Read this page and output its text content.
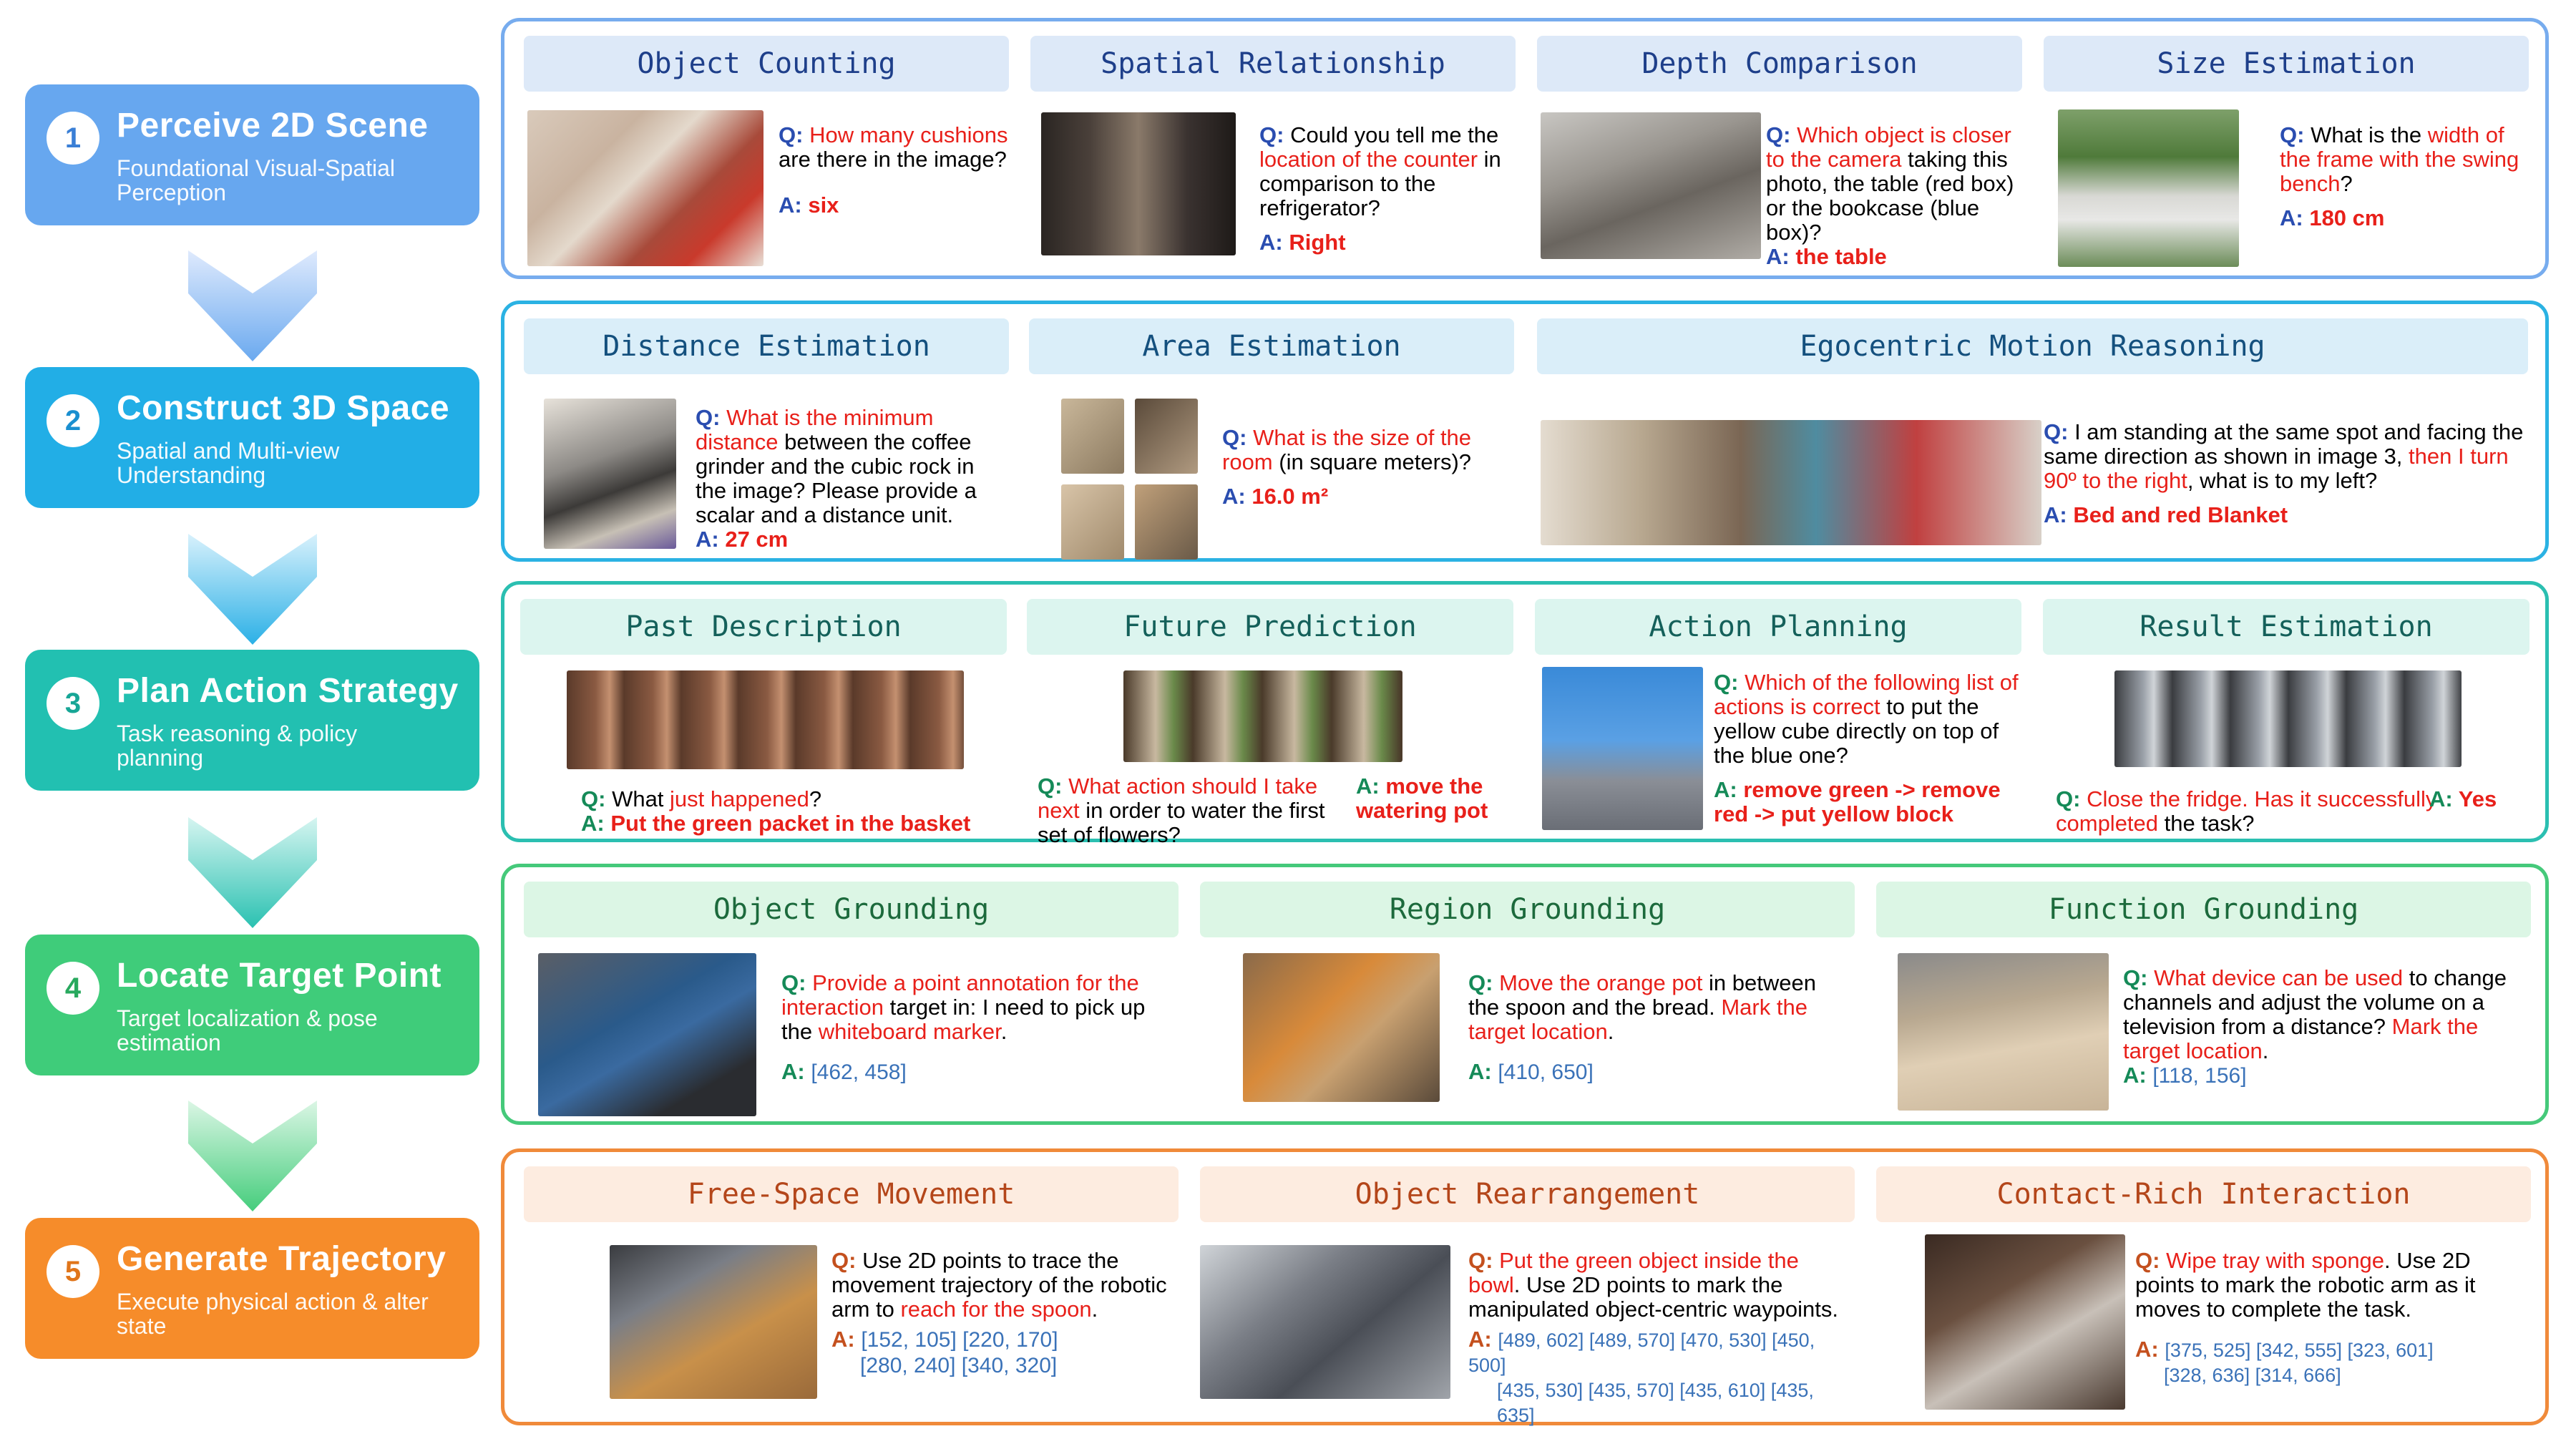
1	Perceive 2D Scene
Foundational Visual-Spatial Perception
2	Construct 3D Space
Spatial and Multi-view Understanding
3	Plan Action Strategy
Task reasoning & policy planning
4	Locate Target Point
Target localization & pose estimation
5	Generate Trajectory
Execute physical action & alter state
Object Counting
Q: How many cushions are there in the image?
A: six
Spatial Relationship
Q: Could you tell me the location of the counter in comparison to the refrigerator?
A: Right
Depth Comparison
Q: Which object is closer to the camera taking this photo, the table (red box) or the bookcase (blue box)?
A: the table
Size Estimation
Q: What is the width of the frame with the swing bench?
A: 180 cm
Distance Estimation
Q: What is the minimum distance between the coffee grinder and the cubic rock in the image? Please provide a scalar and a distance unit.
A: 27 cm
Area Estimation
Q: What is the size of the room (in square meters)?
A: 16.0 m²
Egocentric Motion Reasoning
Q: I am standing at the same spot and facing the same direction as shown in image 3, then I turn 90º to the right, what is to my left?
A: Bed and red Blanket
Past Description
Q: What just happened?
A: Put the green packet in the basket
Future Prediction
Q: What action should I take next in order to water the first set of flowers?
A: move the watering pot
Action Planning
Q: Which of the following list of actions is correct to put the yellow cube directly on top of the blue one?
A: remove green -> remove red -> put yellow block
Result Estimation
Q: Close the fridge. Has it successfully completed the task?
A: Yes
Object Grounding
Q: Provide a point annotation for the interaction target in: I need to pick up the whiteboard marker.
A: [462, 458]
Region Grounding
Q: Move the orange pot in between the spoon and the bread. Mark the target location.
A: [410, 650]
Function Grounding
Q: What device can be used to change channels and adjust the volume on a television from a distance? Mark the target location.
A: [118, 156]
Free-Space Movement
Q: Use 2D points to trace the movement trajectory of the robotic arm to reach for the spoon.
A: [152, 105] [220, 170]
[280, 240] [340, 320]
Object Rearrangement
Q: Put the green object inside the bowl. Use 2D points to mark the manipulated object-centric waypoints.
A: [489, 602] [489, 570] [470, 530] [450, 500]
[435, 530] [435, 570] [435, 610] [435, 635]
Contact-Rich Interaction
Q: Wipe tray with sponge. Use 2D points to mark the robotic arm as it moves to complete the task.
A: [375, 525] [342, 555] [323, 601]
[328, 636] [314, 666]
